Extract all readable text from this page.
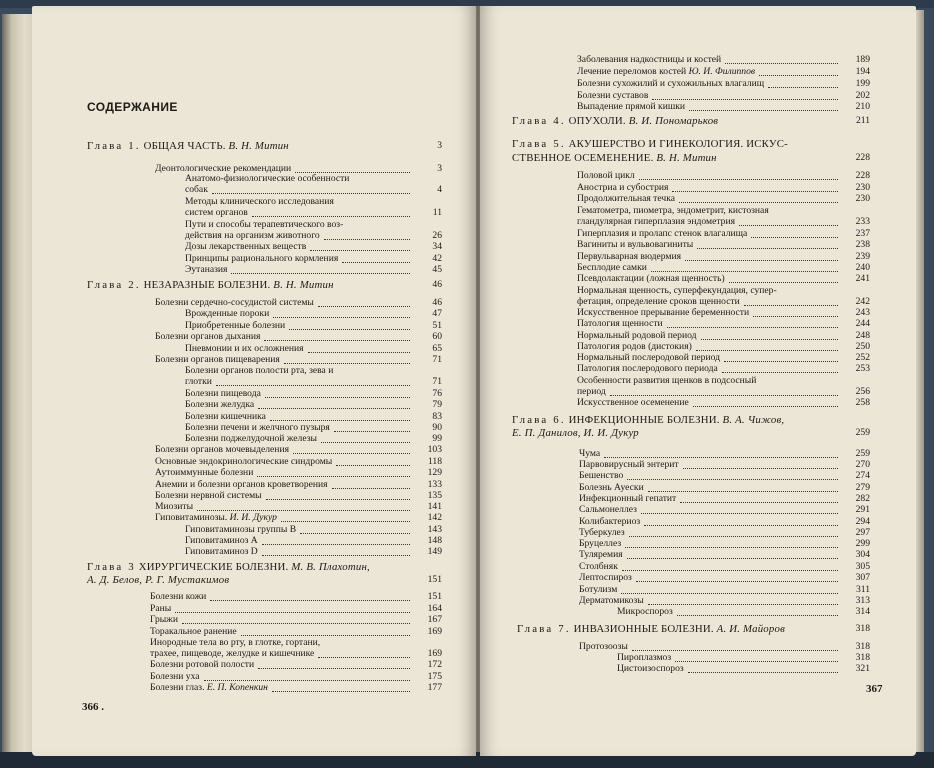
СОДЕРЖАНИЕ
Глава 1. ОБЩАЯ ЧАСТЬ. В. Н. Митин	3
Деонтологические рекомендации	3
Анатомо-физиологические особенности
собак	4
Методы клинического исследования
систем органов	11
Пути и способы терапевтического воз-
действия на организм животного	26
Дозы лекарственных веществ	34
Принципы рационального кормления	42
Эутаназия	45
Глава 2. НЕЗАРАЗНЫЕ БОЛЕЗНИ. В. Н. Митин	46
Болезни сердечно-сосудистой системы	46
Врожденные пороки	47
Приобретенные болезни	51
Болезни органов дыхания	60
Пневмонии и их осложнения	65
Болезни органов пищеварения	71
Болезни органов полости рта, зева и
глотки	71
Болезни пищевода	76
Болезни желудка	79
Болезни кишечника	83
Болезни печени и желчного пузыря	90
Болезни поджелудочной железы	99
Болезни органов мочевыделения	103
Основные эндокринологические синдромы	118
Аутоиммунные болезни	129
Анемии и болезни органов кроветворения	133
Болезни нервной системы	135
Миозиты	141
Гиповитаминозы. И. И. Дукур	142
Гиповитаминозы группы В	143
Гиповитаминоз А	148
Гиповитаминоз D	149
Глава 3 ХИРУРГИЧЕСКИЕ БОЛЕЗНИ. М. В. Плахотин,
А. Д. Белов, Р. Г. Мустакимов	151
Болезни кожи	151
Раны	164
Грыжи	167
Торакальное ранение	169
Инородные тела во рту, в глотке, гортани,
трахее, пищеводе, желудке и кишечнике	169
Болезни ротовой полости	172
Болезни уха	175
Болезни глаз. Е. П. Копенкин	177
Заболевания надкостницы и костей	189
Лечение переломов костей Ю. И. Филиппов	194
Болезни сухожилий и сухожильных влагалищ	199
Болезни суставов	202
Выпадение прямой кишки	210
Глава 4. ОПУХОЛИ. В. И. Пономарьков	211
Глава 5. АКУШЕРСТВО И ГИНЕКОЛОГИЯ. ИСКУС-
СТВЕННОЕ ОСЕМЕНЕНИЕ. В. Н. Митин	228
Половой цикл	228
Аностриа и субострия	230
Продолжительная течка	230
Гематометра, пиометра, эндометрит, кистозная
гландулярная гиперплазия эндометрия	233
Гиперплазия и пролапс стенок влагалища	237
Вагиниты и вульвовагиниты	238
Первульварная вюдермия	239
Бесплодие самки	240
Псевдолактации (ложная щенность)	241
Нормальная щенность, суперфекундация, супер-
фетация, определение сроков щенности	242
Искусственное прерывание беременности	243
Патология щенности	244
Нормальный родовой период	248
Патология родов (дистокия)	250
Нормальный послеродовой период	252
Патология послеродового периода	253
Особенности развития щенков в подсосный
период	256
Искусственное осеменение	258
Глава 6. ИНФЕКЦИОННЫЕ БОЛЕЗНИ. В. А. Чижов,
Е. П. Данилов, И. И. Дукур	259
Чума	259
Парвовирусный энтерит	270
Бешенство	274
Болезнь Ауески	279
Инфекционный гепатит	282
Сальмонеллез	291
Колибактериоз	294
Туберкулез	297
Бруцеллез	299
Туляремия	304
Столбняк	305
Лептоспироз	307
Ботулизм	311
Дерматомикозы	313
Микроспороз	314
Глава 7. ИНВАЗИОННЫЕ БОЛЕЗНИ. А. И. Майоров	318
Протозоозы	318
Пироплазмоз	318
Цистоизоспороз	321
366 .
367
